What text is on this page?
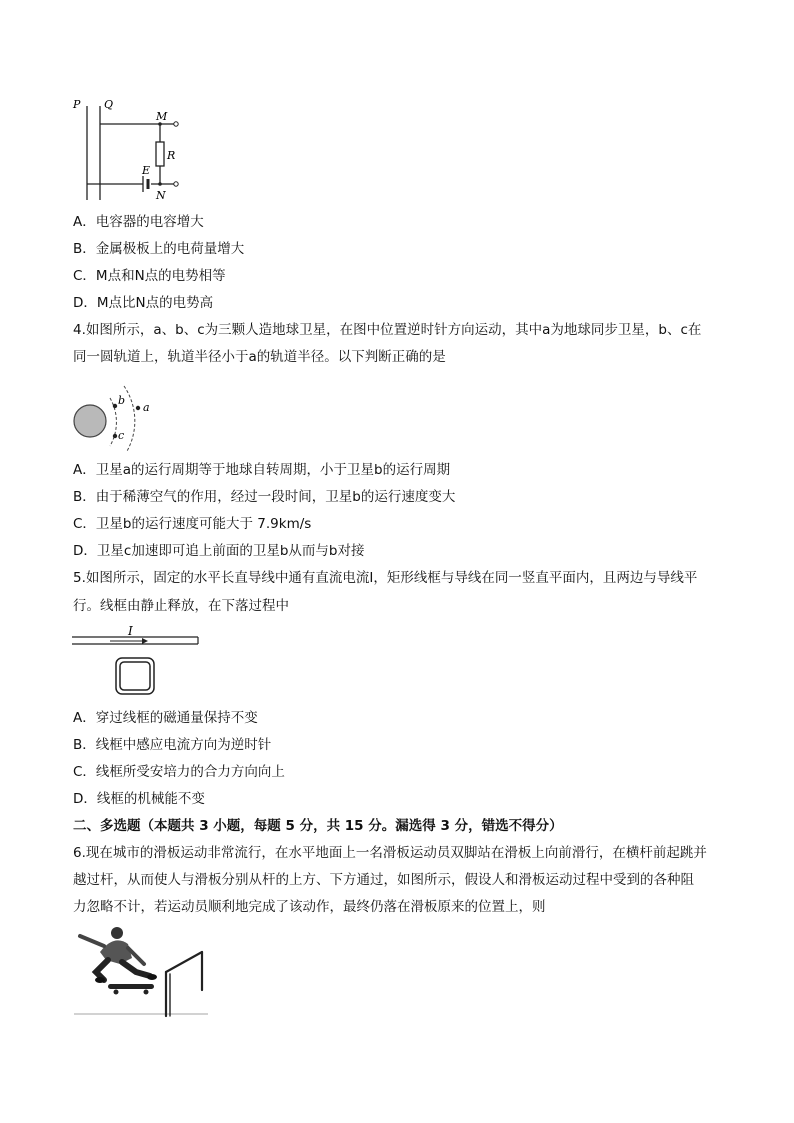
P Q
M
R
E
N
A．电容器的电容增大
B．金属极板上的电荷量增大
C．M点和N点的电势相等
D．M点比N点的电势高
4.如图所示，a、b、c为三颗人造地球卫星，在图中位置逆时针方向运动，其中a为地球同步卫星，b、c在
同一圆轨道上，轨道半径小于a的轨道半径。以下判断正确的是
b
c
a
A．卫星a的运行周期等于地球自转周期，小于卫星b的运行周期
B．由于稀薄空气的作用，经过一段时间，卫星b的运行速度变大
C．卫星b的运行速度可能大于 7.9km/s
D．卫星c加速即可追上前面的卫星b从而与b对接
5.如图所示，固定的水平长直导线中通有直流电流I，矩形线框与导线在同一竖直平面内，且两边与导线平
行。线框由静止释放，在下落过程中
I
A．穿过线框的磁通量保持不变
B．线框中感应电流方向为逆时针
C．线框所受安培力的合力方向向上
D．线框的机械能不变
二、多选题（本题共 3 小题，每题 5 分，共 15 分。漏选得 3 分，错选不得分）
6.现在城市的滑板运动非常流行，在水平地面上一名滑板运动员双脚站在滑板上向前滑行，在横杆前起跳并
越过杆，从而使人与滑板分别从杆的上方、下方通过，如图所示，假设人和滑板运动过程中受到的各种阻
力忽略不计，若运动员顺利地完成了该动作，最终仍落在滑板原来的位置上，则
